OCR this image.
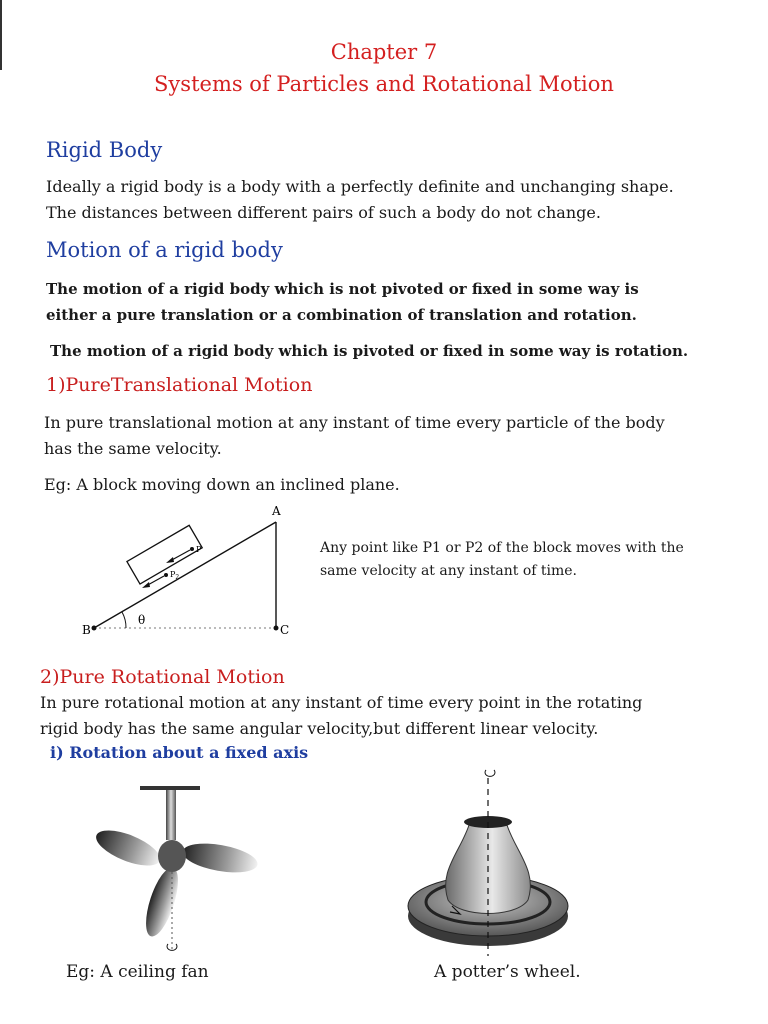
Chapter 7
Systems of Particles and Rotational Motion
Rigid Body
Ideally a rigid body is a body with a perfectly definite and unchanging shape.
The distances between different pairs of such a body do not change.
Motion of a rigid body
The motion of a rigid body which is not pivoted or fixed in some way is
either a pure translation or a combination of translation and rotation.
The motion of a rigid body which is pivoted or fixed in some way is rotation.
1)PureTranslational Motion
In pure translational motion at any instant of time every particle of the body
has the same velocity.
Eg: A block moving down an inclined plane.
A
B	C
θ
P
$P_2$
Any point like P1 or P2 of the block moves with the
same velocity at any instant of time.
2)Pure Rotational Motion
In pure rotational motion at any instant of time every point in the rotating
rigid body has the same angular velocity,but different linear velocity.
i) Rotation about a fixed axis
Eg: A ceiling fan	A potter’s wheel.
